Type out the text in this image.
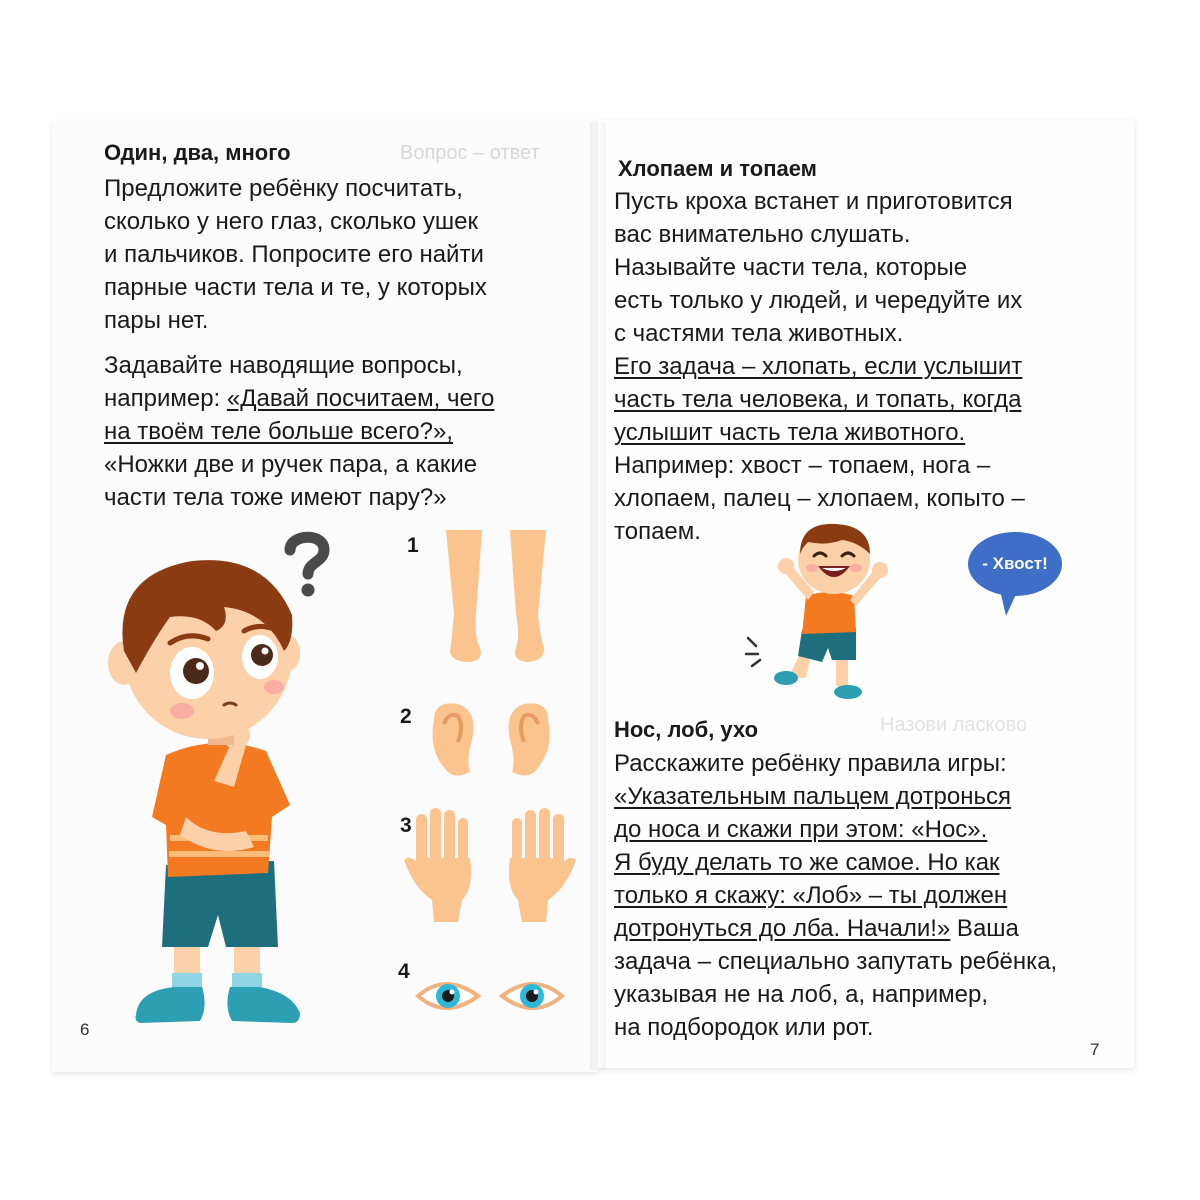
Вопрос – ответ
Назови ласково
Один, два, много

Предложите ребёнку посчитать,

сколько у него глаз, сколько ушек

и пальчиков. Попросите его найти

парные части тела и те, у которых

пары нет.

Задавайте наводящие вопросы,

например: «Давай посчитаем, чего

на твоём теле больше всего?»,

«Ножки две и ручек пара, а какие

части тела тоже имеют пару?»

1
2
3
4
6
Хлопаем и топаем

Пусть кроха встанет и приготовится

вас внимательно слушать.

Называйте части тела, которые

есть только у людей, и чередуйте их

с частями тела животных.

Его задача – хлопать, если услышит

часть тела человека, и топать, когда

услышит часть тела животного.

Например: хвост – топаем, нога –

хлопаем, палец – хлопаем, копыто –

топаем.

- Хвост!
Нос, лоб, ухо

Расскажите ребёнку правила игры:

«Указательным пальцем дотронься

до носа и скажи при этом: «Нос».

Я буду делать то же самое. Но как

только я скажу: «Лоб» – ты должен

дотронуться до лба. Начали!» Ваша

задача – специально запутать ребёнка,

указывая не на лоб, а, например,

на подбородок или рот.

7
